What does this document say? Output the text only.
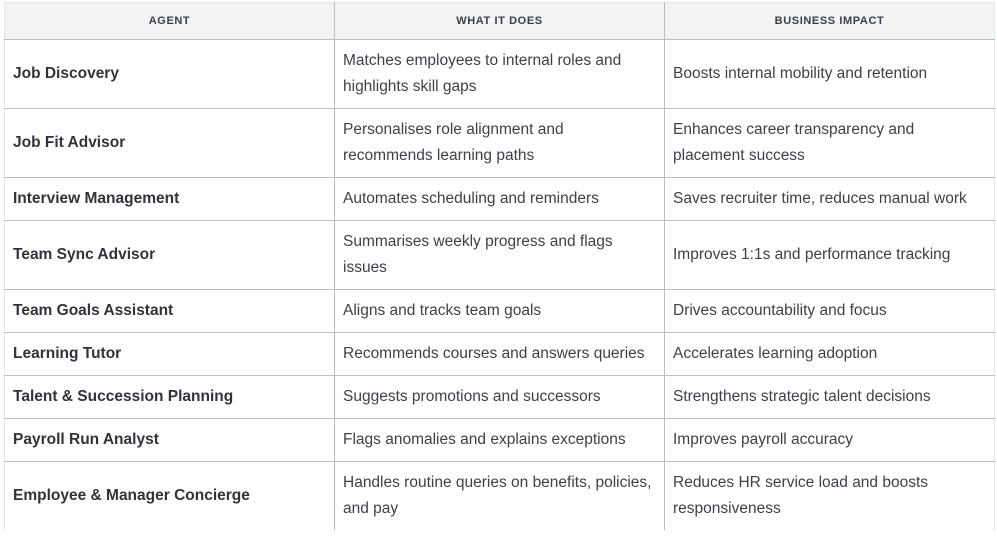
AGENT	WHAT IT DOES	BUSINESS IMPACT
Job Discovery	Matches employees to internal roles and highlights skill gaps	Boosts internal mobility and retention
Job Fit Advisor	Personalises role alignment and recommends learning paths	Enhances career transparency and placement success
Interview Management	Automates scheduling and reminders	Saves recruiter time, reduces manual work
Team Sync Advisor	Summarises weekly progress and flags issues	Improves 1:1s and performance tracking
Team Goals Assistant	Aligns and tracks team goals	Drives accountability and focus
Learning Tutor	Recommends courses and answers queries	Accelerates learning adoption
Talent & Succession Planning	Suggests promotions and successors	Strengthens strategic talent decisions
Payroll Run Analyst	Flags anomalies and explains exceptions	Improves payroll accuracy
Employee & Manager Concierge	Handles routine queries on benefits, policies, and pay	Reduces HR service load and boosts responsiveness
